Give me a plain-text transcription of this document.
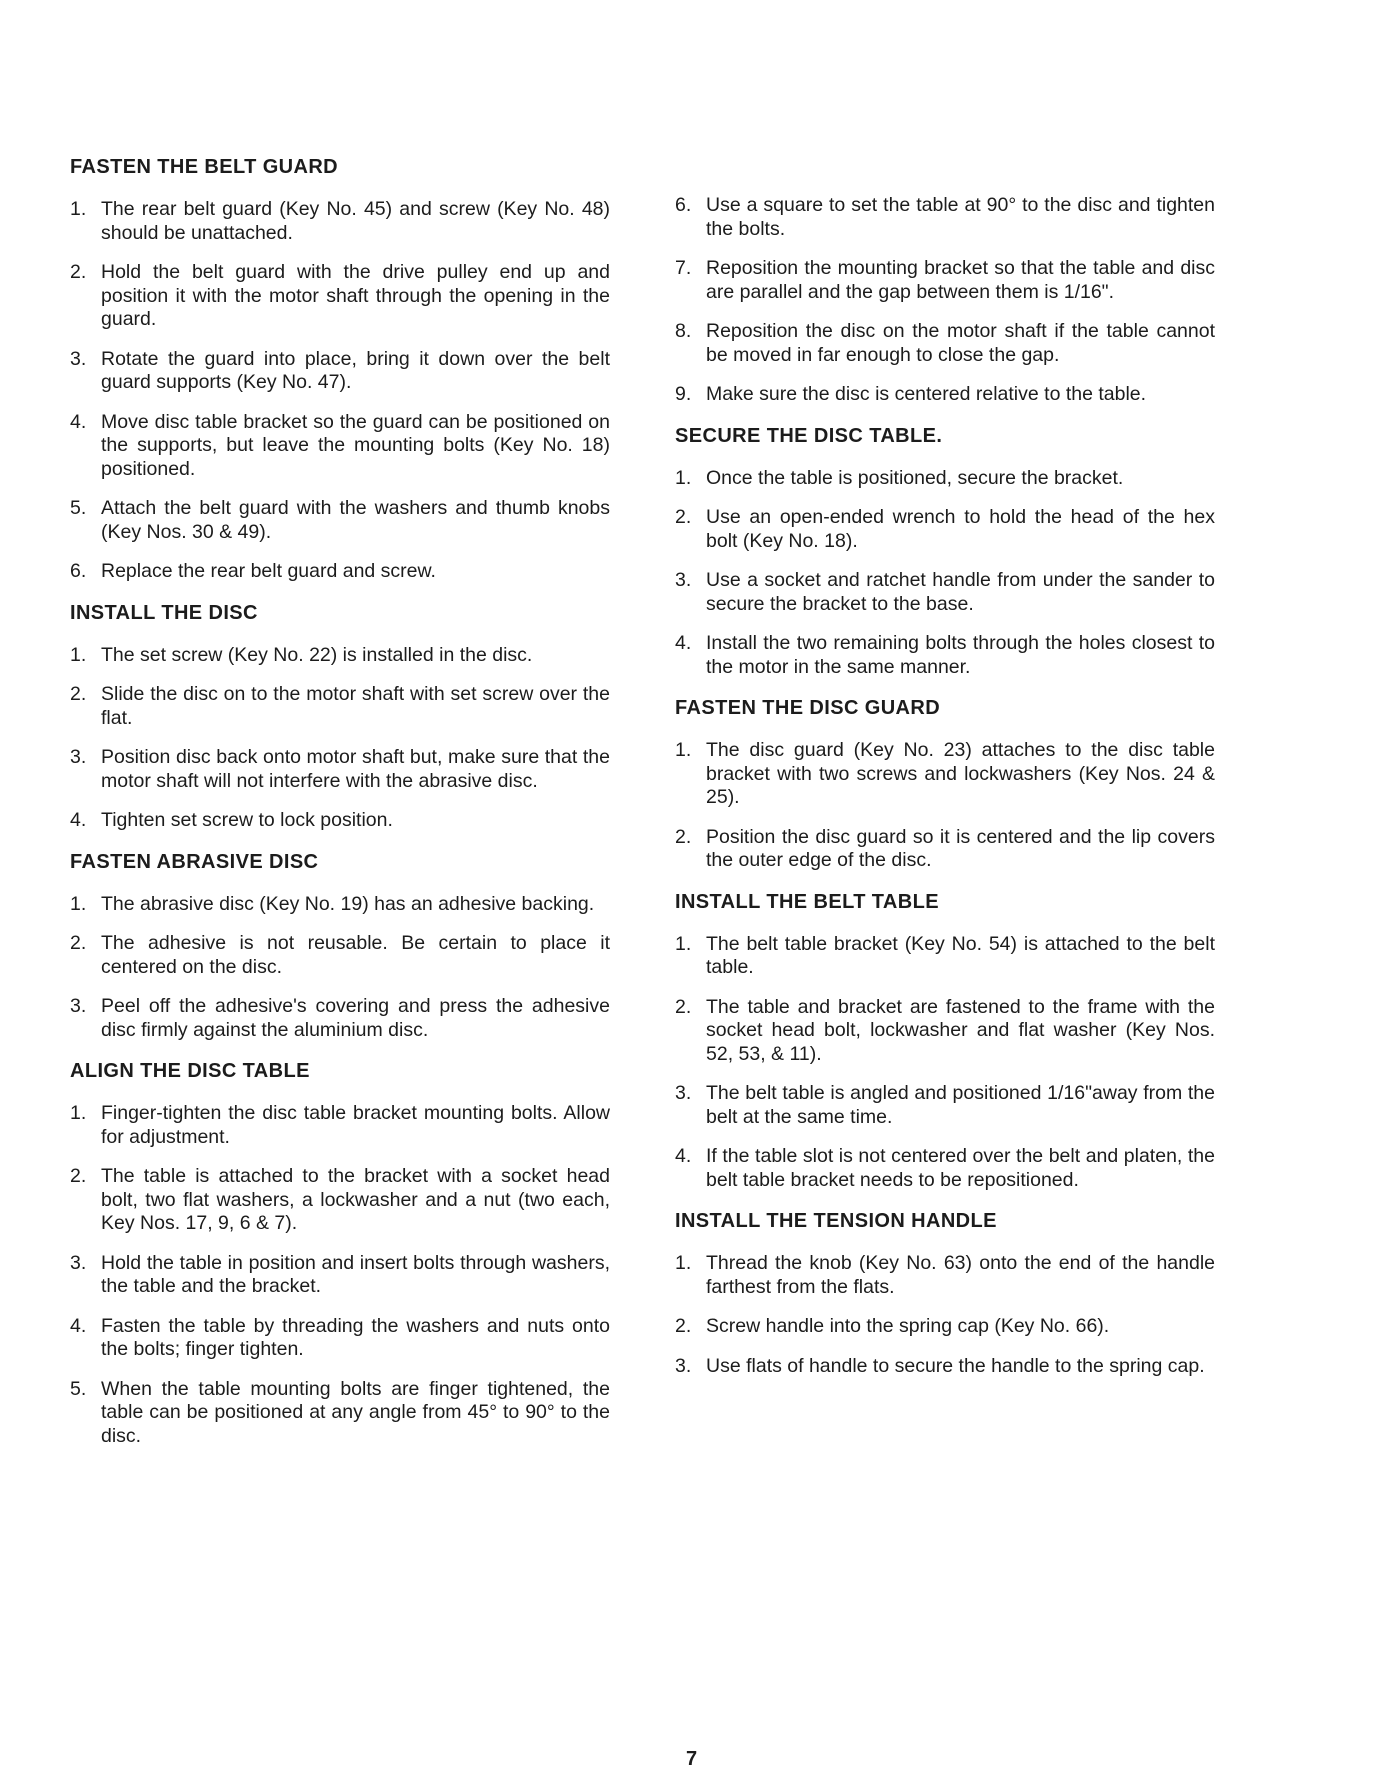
FASTEN THE BELT GUARD
1. The rear belt guard (Key No. 45) and screw (Key No. 48) should be unattached.
2. Hold the belt guard with the drive pulley end up and position it with the motor shaft through the opening in the guard.
3. Rotate the guard into place, bring it down over the belt guard supports (Key No. 47).
4. Move disc table bracket so the guard can be positioned on the supports, but leave the mounting bolts (Key No. 18) positioned.
5. Attach the belt guard with the washers and thumb knobs (Key Nos. 30 & 49).
6. Replace the rear belt guard and screw.
INSTALL THE DISC
1. The set screw (Key No. 22) is installed in the disc.
2. Slide the disc on to the motor shaft with set screw over the flat.
3. Position disc back onto motor shaft but, make sure that the motor shaft will not interfere with the abrasive disc.
4. Tighten set screw to lock position.
FASTEN ABRASIVE DISC
1. The abrasive disc (Key No. 19) has an adhesive backing.
2. The adhesive is not reusable. Be certain to place it centered on the disc.
3. Peel off the adhesive's covering and press the adhesive disc firmly against the aluminium disc.
ALIGN THE DISC TABLE
1. Finger-tighten the disc table bracket mounting bolts. Allow for adjustment.
2. The table is attached to the bracket with a socket head bolt, two flat washers, a lockwasher and a nut (two each, Key Nos. 17, 9, 6 & 7).
3. Hold the table in position and insert bolts through washers, the table and the bracket.
4. Fasten the table by threading the washers and nuts onto the bolts; finger tighten.
5. When the table mounting bolts are finger tightened, the table can be positioned at any angle from 45° to 90° to the disc.
6. Use a square to set the table at 90° to the disc and tighten the bolts.
7. Reposition the mounting bracket so that the table and disc are parallel and the gap between them is 1/16".
8. Reposition the disc on the motor shaft if the table cannot be moved in far enough to close the gap.
9. Make sure the disc is centered relative to the table.
SECURE THE DISC TABLE.
1. Once the table is positioned, secure the bracket.
2. Use an open-ended wrench to hold the head of the hex bolt (Key No. 18).
3. Use a socket and ratchet handle from under the sander to secure the bracket to the base.
4. Install the two remaining bolts through the holes closest to the motor in the same manner.
FASTEN THE DISC GUARD
1. The disc guard (Key No. 23) attaches to the disc table bracket with two screws and lockwashers (Key Nos. 24 & 25).
2. Position the disc guard so it is centered and the lip covers the outer edge of the disc.
INSTALL THE BELT TABLE
1. The belt table bracket (Key No. 54) is attached to the belt table.
2. The table and bracket are fastened to the frame with the socket head bolt, lockwasher and flat washer (Key Nos. 52, 53, & 11).
3. The belt table is angled and positioned 1/16"away from the belt at the same time.
4. If the table slot is not centered over the belt and platen, the belt table bracket needs to be repositioned.
INSTALL THE TENSION HANDLE
1. Thread the knob (Key No. 63) onto the end of the handle farthest from the flats.
2. Screw handle into the spring cap (Key No. 66).
3. Use flats of handle to secure the handle to the spring cap.
7
